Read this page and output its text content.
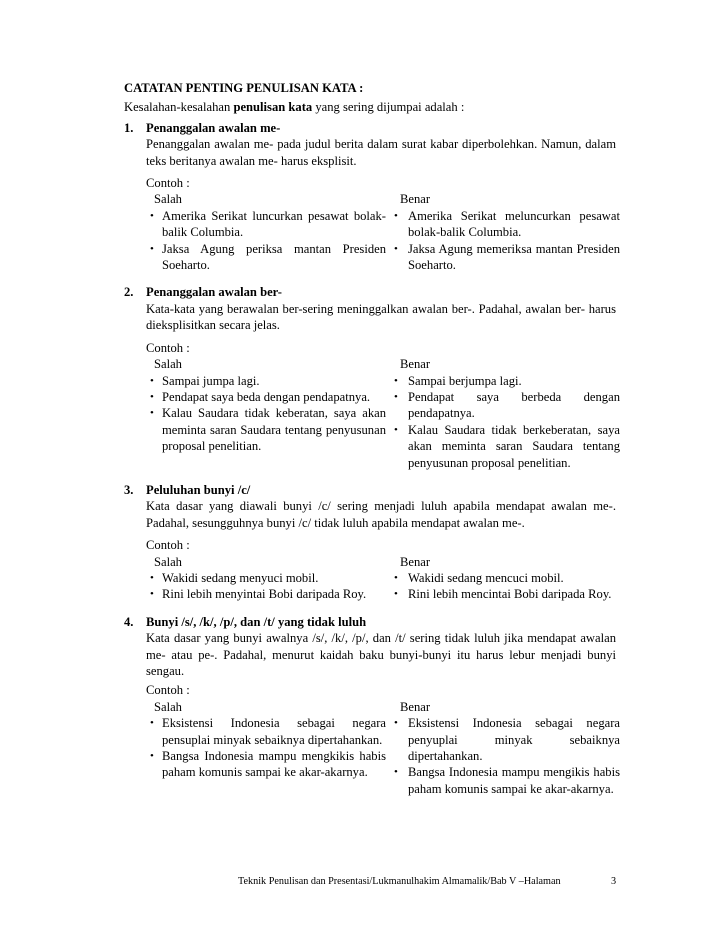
CATATAN PENTING PENULISAN KATA :
Kesalahan-kesalahan penulisan kata yang sering dijumpai adalah :
1. Penanggalan awalan me-
Penanggalan awalan me- pada judul berita dalam surat kabar diperbolehkan. Namun, dalam teks beritanya awalan me- harus eksplisit.
Contoh :
Salah
• Amerika Serikat luncurkan pesawat bolak-balik Columbia.
• Jaksa Agung periksa mantan Presiden Soeharto.
Benar
• Amerika Serikat meluncurkan pesawat bolak-balik Columbia.
• Jaksa Agung memeriksa mantan Presiden Soeharto.
2. Penanggalan awalan ber-
Kata-kata yang berawalan ber-sering meninggalkan awalan ber-. Padahal, awalan ber- harus dieksplisitkan secara jelas.
Contoh :
Salah
• Sampai jumpa lagi.
• Pendapat saya beda dengan pendapatnya.
• Kalau Saudara tidak keberatan, saya akan meminta saran Saudara tentang penyusunan proposal penelitian.
Benar
• Sampai berjumpa lagi.
• Pendapat saya berbeda dengan pendapatnya.
• Kalau Saudara tidak berkeberatan, saya akan meminta saran Saudara tentang penyusunan proposal penelitian.
3. Peluluhan bunyi /c/
Kata dasar yang diawali bunyi /c/ sering menjadi luluh apabila mendapat awalan me-. Padahal, sesungguhnya bunyi /c/ tidak luluh apabila mendapat awalan me-.
Contoh :
Salah
• Wakidi sedang menyuci mobil.
• Rini lebih menyintai Bobi daripada Roy.
Benar
• Wakidi sedang mencuci mobil.
• Rini lebih mencintai Bobi daripada Roy.
4. Bunyi /s/, /k/, /p/, dan /t/ yang tidak luluh
Kata dasar yang bunyi awalnya /s/, /k/, /p/, dan /t/ sering tidak luluh jika mendapat awalan me- atau pe-. Padahal, menurut kaidah baku bunyi-bunyi itu harus lebur menjadi bunyi sengau.
Contoh :
Salah
• Eksistensi Indonesia sebagai negara pensuplai minyak sebaiknya dipertahankan.
• Bangsa Indonesia mampu mengkikis habis paham komunis sampai ke akar-akarnya.
Benar
• Eksistensi Indonesia sebagai negara penyuplai minyak sebaiknya dipertahankan.
• Bangsa Indonesia mampu mengikis habis paham komunis sampai ke akar-akarnya.
Teknik Penulisan dan Presentasi/Lukmanulhakim Almamalik/Bab V –Halaman	3
